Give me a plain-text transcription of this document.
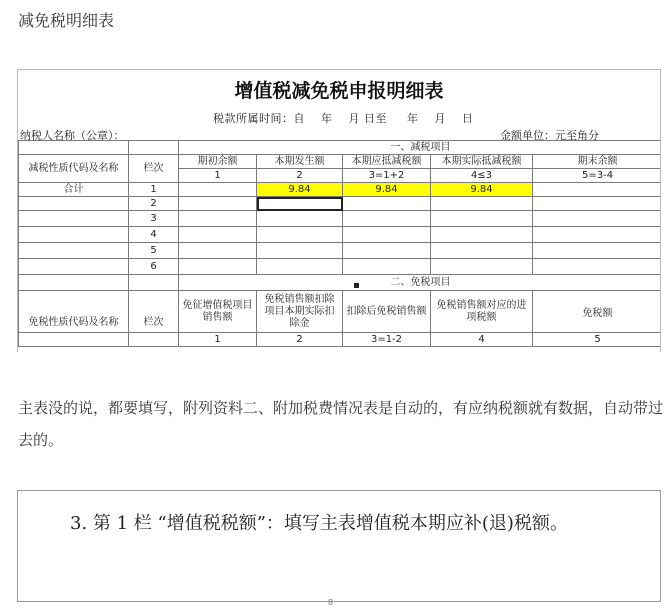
减免税明细表
增值税减免税申报明细表
税款所属时间：自    年    月 日至     年    月    日
纳税人名称（公章）：	金额单位：元至角分
		一、减税项目				
减税性质代码及名称	栏次	期初余额	本期发生额	本期应抵减税额	本期实际抵减税额	期末余额
		1	2	3=1+2	4≤3	5=3-4
合计	1		9.84	9.84	9.84	
	2					
	3					
	4					
	5					
	6					
		二、免税项目				
免税性质代码及名称	栏次	免征增值税项目销售额	免税销售额扣除项目本期实际扣除金	扣除后免税销售额	免税销售额对应的进项税额	免税额
		1	2	3=1-2	4	5
主表没的说，都要填写，附列资料二、附加税费情况表是自动的，有应纳税额就有数据，自动带过去的。
3. 第 1 栏 “增值税税额”：填写主表增值税本期应补(退)税额。
8
